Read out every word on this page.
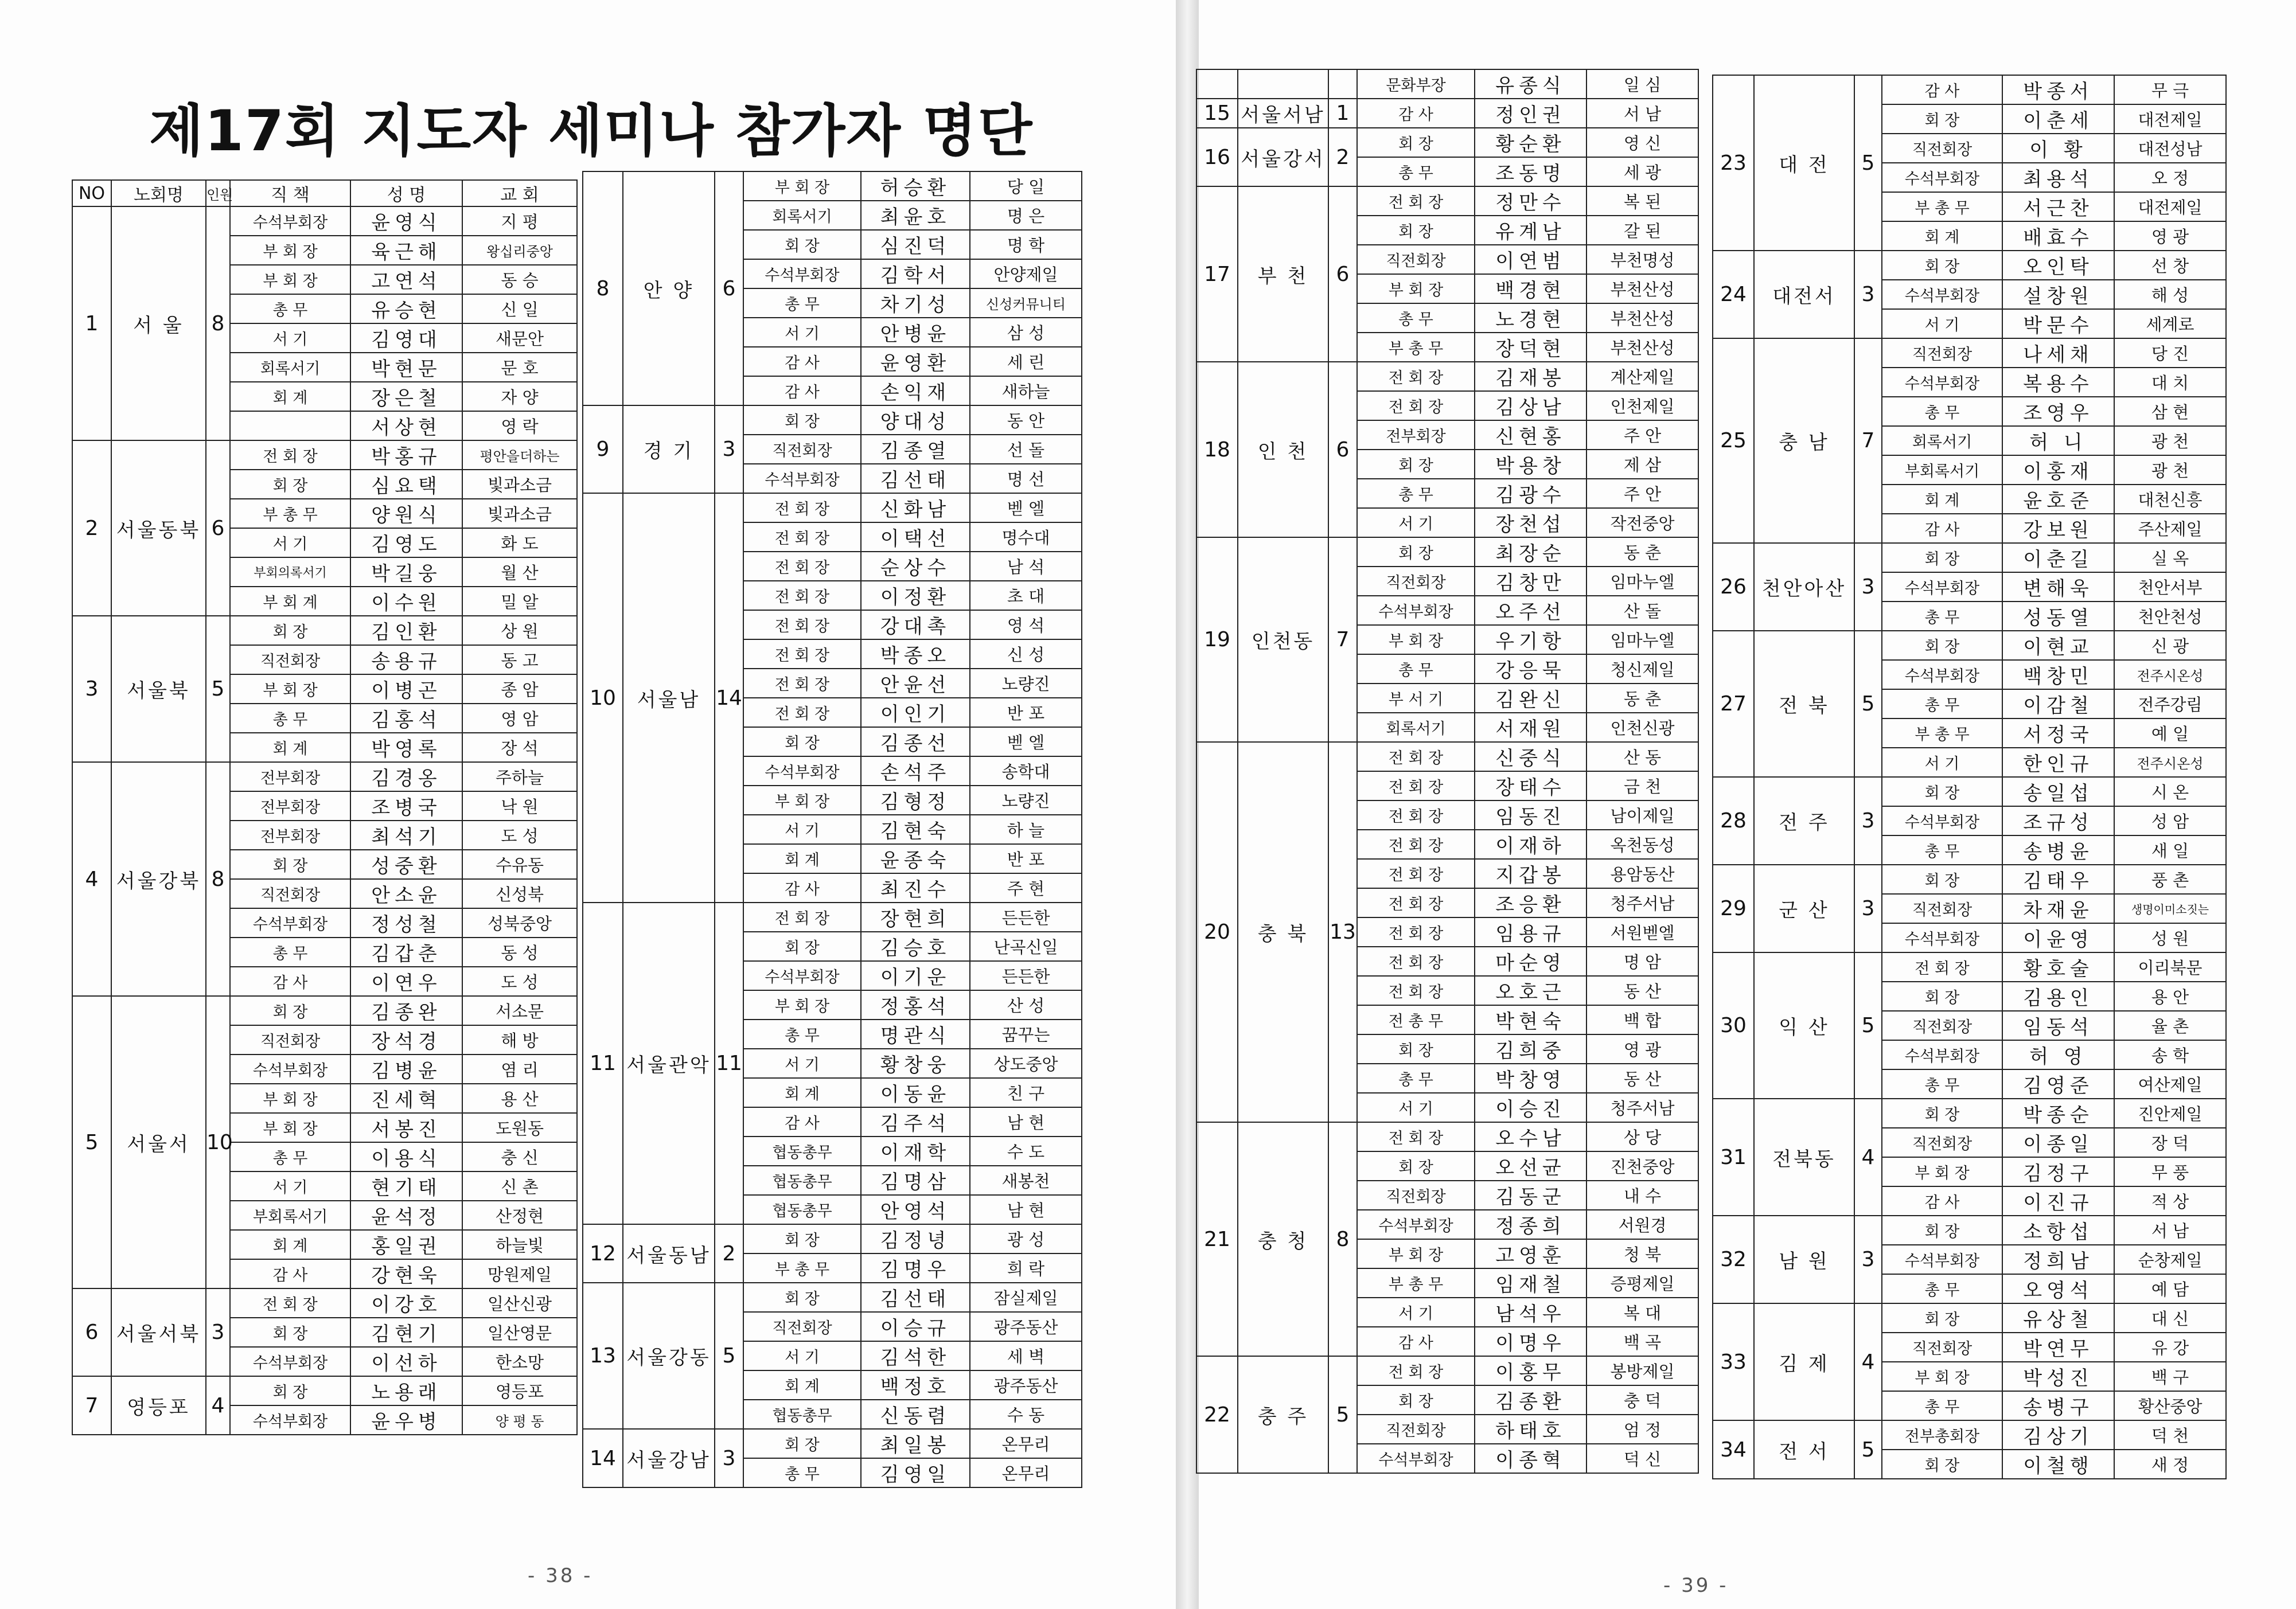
제17회 지도자 세미나 참가자 명단
- 38 -	- 39 -
NO	노회명	인원	직 책	성 명	교 회
1	서 울	8	수석부회장	윤영식	지 평
			부 회 장	육근해	왕십리중앙
			부 회 장	고연석	동 승
			총 무	유승현	신 일
			서 기	김영대	새문안
			회록서기	박현문	문 호
			회 계	장은철	자 양
				서상현	영 락
2	서울동북	6	전 회 장	박홍규	평안을더하는
			회 장	심요택	빛과소금
			부 총 무	양원식	빛과소금
			서 기	김영도	화 도
			부회의록서기	박길웅	월 산
			부 회 계	이수원	밀 알
3	서울북	5	회 장	김인환	상 원
			직전회장	송용규	동 고
			부 회 장	이병곤	종 암
			총 무	김홍석	영 암
			회 계	박영록	장 석
4	서울강북	8	전부회장	김경옹	주하늘
			전부회장	조병국	낙 원
			전부회장	최석기	도 성
			회 장	성중환	수유동
			직전회장	안소윤	신성북
			수석부회장	정성철	성북중앙
			총 무	김갑춘	동 성
			감 사	이연우	도 성
5	서울서	10	회 장	김종완	서소문
			직전회장	장석경	해 방
			수석부회장	김병윤	염 리
			부 회 장	진세혁	용 산
			부 회 장	서봉진	도원동
			총 무	이용식	충 신
			서 기	현기태	신 촌
			부회록서기	윤석정	산정현
			회 계	홍일권	하늘빛
			감 사	강현욱	망원제일
6	서울서북	3	전 회 장	이강호	일산신광
			회 장	김현기	일산영문
			수석부회장	이선하	한소망
7	영등포	4	회 장	노용래	영등포
			수석부회장	윤우병	양 평 동
8	안 양	6	부 회 장	허승환	당 일
			회록서기	최윤호	명 은
			회 장	심진덕	명 학
			수석부회장	김학서	안양제일
			총 무	차기성	신성커뮤니티
			서 기	안병윤	삼 성
			감 사	윤영환	세 린
			감 사	손익재	새하늘
9	경 기	3	회 장	양대성	동 안
			직전회장	김종열	선 돌
			수석부회장	김선태	명 선
10	서울남	14	전 회 장	신화남	벧 엘
			전 회 장	이택선	명수대
			전 회 장	순상수	남 석
			전 회 장	이정환	초 대
			전 회 장	강대촉	영 석
			전 회 장	박종오	신 성
			전 회 장	안윤선	노량진
			전 회 장	이인기	반 포
			회 장	김종선	벧 엘
			수석부회장	손석주	송학대
			부 회 장	김형정	노량진
			서 기	김현숙	하 늘
			회 계	윤종숙	반 포
			감 사	최진수	주 현
11	서울관악	11	전 회 장	장현희	든든한
			회 장	김승호	난곡신일
			수석부회장	이기운	든든한
			부 회 장	정홍석	산 성
			총 무	명관식	꿈꾸는
			서 기	황창웅	상도중앙
			회 계	이동윤	친 구
			감 사	김주석	남 현
			협동총무	이재학	수 도
			협동총무	김명삼	새봉천
			협동총무	안영석	남 현
12	서울동남	2	회 장	김정녕	광 성
			부 총 무	김명우	희 락
13	서울강동	5	회 장	김선태	잠실제일
			직전회장	이승규	광주동산
			서 기	김석한	세 벽
			회 계	백정호	광주동산
			협동총무	신동렴	수 동
14	서울강남	3	회 장	최일봉	온무리
			총 무	김영일	온무리
			문화부장	유종식	일 심
15	서울서남	1	감 사	정인권	서 남
16	서울강서	2	회 장	황순환	영 신
			총 무	조동명	세 광
17	부 천	6	전 회 장	정만수	복 된
			회 장	유계남	갈 된
			직전회장	이연범	부천명성
			부 회 장	백경현	부천산성
			총 무	노경현	부천산성
			부 총 무	장덕현	부천산성
18	인 천	6	전 회 장	김재봉	계산제일
			전 회 장	김상남	인천제일
			전부회장	신현홍	주 안
			회 장	박용창	제 삼
			총 무	김광수	주 안
			서 기	장천섭	작전중앙
19	인천동	7	회 장	최장순	동 춘
			직전회장	김창만	임마누엘
			수석부회장	오주선	산 돌
			부 회 장	우기항	임마누엘
			총 무	강응묵	청신제일
			부 서 기	김완신	동 춘
			회록서기	서재원	인천신광
20	충 북	13	전 회 장	신중식	산 동
			전 회 장	장태수	금 천
			전 회 장	임동진	남이제일
			전 회 장	이재하	옥천동성
			전 회 장	지갑봉	용암동산
			전 회 장	조응환	청주서남
			전 회 장	임용규	서원벧엘
			전 회 장	마순영	명 암
			전 회 장	오호근	동 산
			전 총 무	박현숙	백 합
			회 장	김희중	영 광
			총 무	박창영	동 산
			서 기	이승진	청주서남
21	충 청	8	전 회 장	오수남	상 당
			회 장	오선균	진천중앙
			직전회장	김동군	내 수
			수석부회장	정종희	서원경
			부 회 장	고영훈	청 북
			부 총 무	임재철	증평제일
			서 기	남석우	복 대
			감 사	이명우	백 곡
22	충 주	5	전 회 장	이홍무	봉방제일
			회 장	김종환	충 덕
			직전회장	하태호	엄 정
			수석부회장	이종혁	덕 신
23	대 전	5	감 사	박종서	무 극
			회 장	이춘세	대전제일
			직전회장	이 황	대전성남
			수석부회장	최용석	오 정
			부 총 무	서근찬	대전제일
			회 계	배효수	영 광
24	대전서	3	회 장	오인탁	선 창
			수석부회장	설창원	해 성
			서 기	박문수	세계로
25	충 남	7	직전회장	나세채	당 진
			수석부회장	복용수	대 치
			총 무	조영우	삼 현
			회록서기	허 니	광 천
			부회록서기	이홍재	광 천
			회 계	윤호준	대천신흥
			감 사	강보원	주산제일
26	천안아산	3	회 장	이춘길	실 옥
			수석부회장	변해욱	천안서부
			총 무	성동열	천안천성
27	전 북	5	회 장	이현교	신 광
			수석부회장	백창민	전주시온성
			총 무	이감철	전주강림
			부 총 무	서정국	예 일
			서 기	한인규	전주시온성
28	전 주	3	회 장	송일섭	시 온
			수석부회장	조규성	성 암
			총 무	송병윤	새 일
29	군 산	3	회 장	김태우	풍 촌
			직전회장	차재윤	생명이미소짓는
			수석부회장	이윤영	성 원
30	익 산	5	전 회 장	황호술	이리북문
			회 장	김용인	용 안
			직전회장	임동석	율 촌
			수석부회장	허 영	송 학
			총 무	김영준	여산제일
31	전북동	4	회 장	박종순	진안제일
			직전회장	이종일	장 덕
			부 회 장	김정구	무 풍
			감 사	이진규	적 상
32	남 원	3	회 장	소항섭	서 남
			수석부회장	정희남	순창제일
			총 무	오영석	예 담
33	김 제	4	회 장	유상철	대 신
			직전회장	박연무	유 강
			부 회 장	박성진	백 구
			총 무	송병구	황산중앙
34	전 서	5	전부총회장	김상기	덕 천
			회 장	이철행	새 정
